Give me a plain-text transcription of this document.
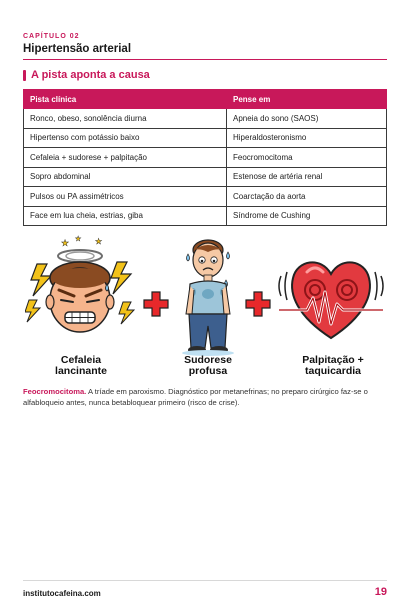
CAPÍTULO 02
Hipertensão arterial
A pista aponta a causa
Pista clínica	Pense em
Ronco, obeso, sonolência diurna	Apneia do sono (SAOS)
Hipertenso com potássio baixo	Hiperaldosteronismo
Cefaleia + sudorese + palpitação	Feocromocitoma
Sopro abdominal	Estenose de artéria renal
Pulsos ou PA assimétricos	Coarctação da aorta
Face em lua cheia, estrias, giba	Síndrome de Cushing
★	★
★
Cefaleia
lancinante
Sudorese
profusa
Palpitação +
taquicardia

Feocromocitoma. A tríade em paroxismo. Diagnóstico por metanefrinas; no preparo cirúrgico faz-se o alfabloqueio antes, nunca betabloquear primeiro (risco de crise).

institutocafeina.com	19
